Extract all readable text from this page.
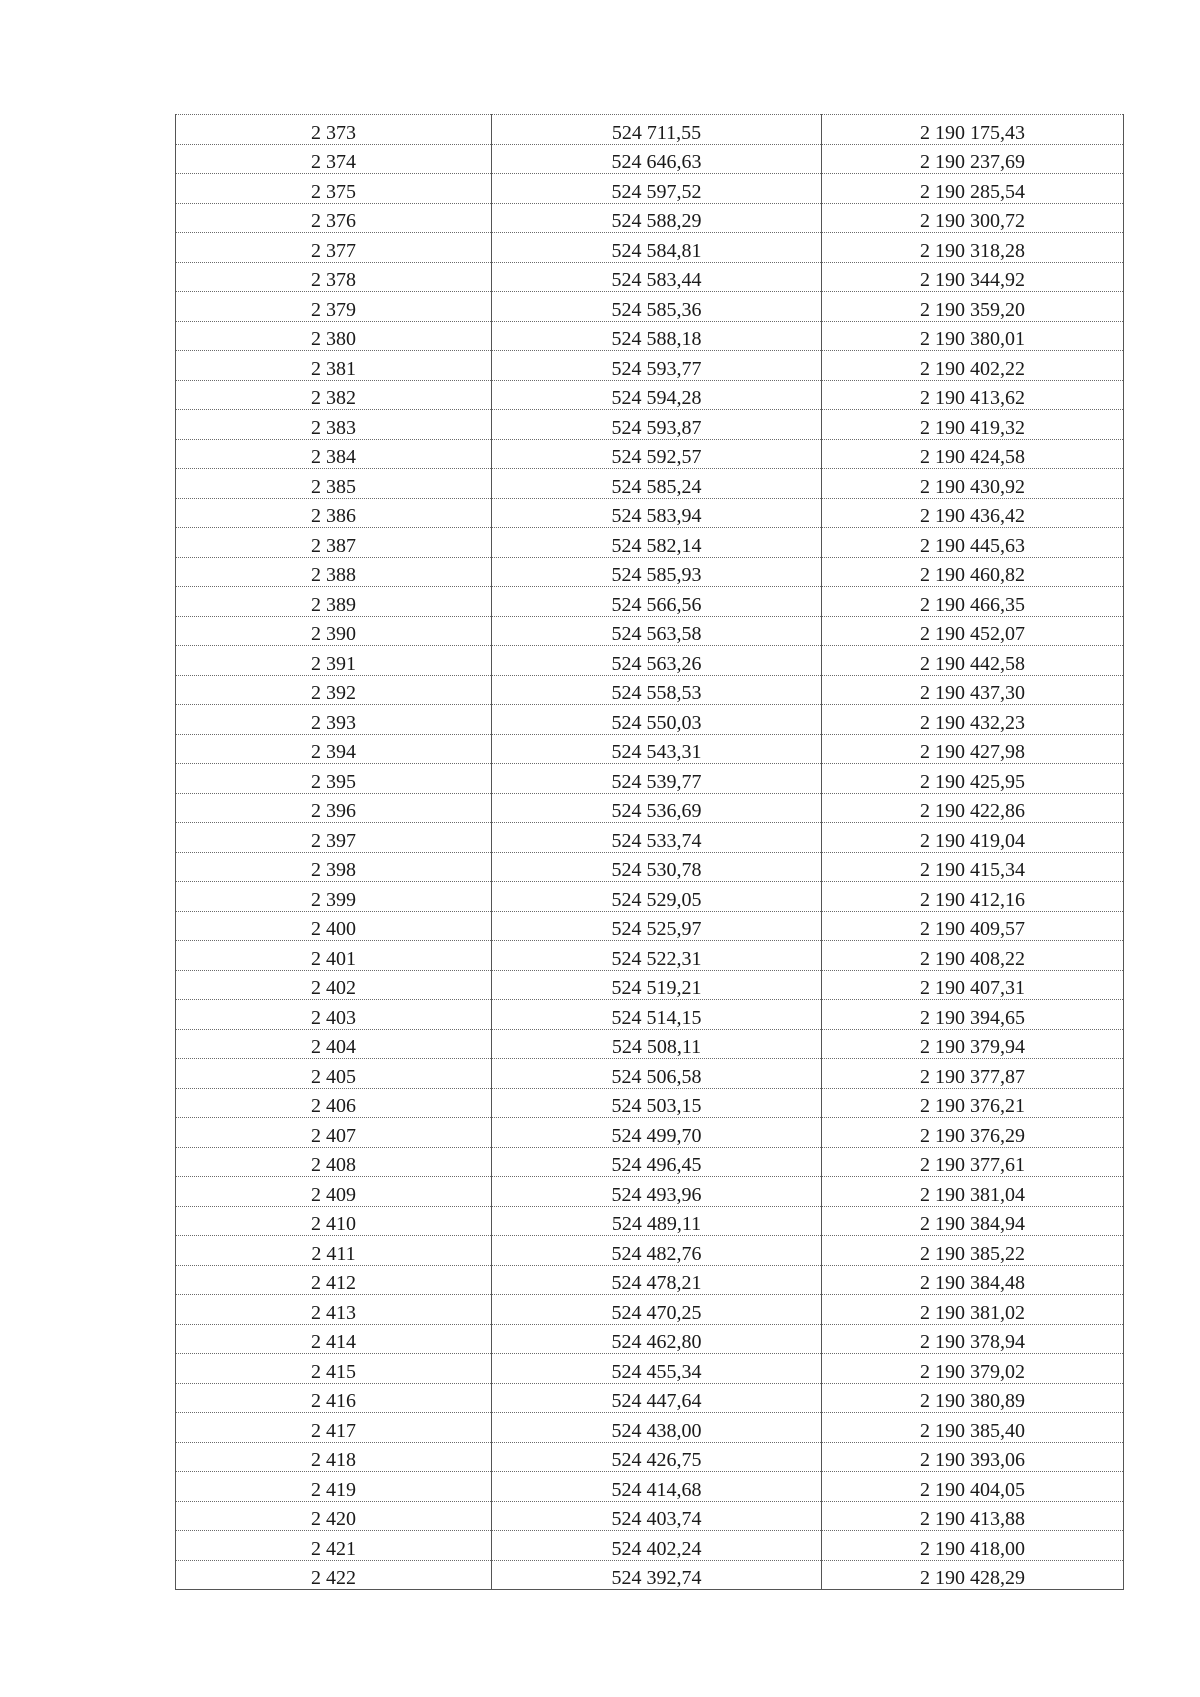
2 373	524 711,55	2 190 175,43
2 374	524 646,63	2 190 237,69
2 375	524 597,52	2 190 285,54
2 376	524 588,29	2 190 300,72
2 377	524 584,81	2 190 318,28
2 378	524 583,44	2 190 344,92
2 379	524 585,36	2 190 359,20
2 380	524 588,18	2 190 380,01
2 381	524 593,77	2 190 402,22
2 382	524 594,28	2 190 413,62
2 383	524 593,87	2 190 419,32
2 384	524 592,57	2 190 424,58
2 385	524 585,24	2 190 430,92
2 386	524 583,94	2 190 436,42
2 387	524 582,14	2 190 445,63
2 388	524 585,93	2 190 460,82
2 389	524 566,56	2 190 466,35
2 390	524 563,58	2 190 452,07
2 391	524 563,26	2 190 442,58
2 392	524 558,53	2 190 437,30
2 393	524 550,03	2 190 432,23
2 394	524 543,31	2 190 427,98
2 395	524 539,77	2 190 425,95
2 396	524 536,69	2 190 422,86
2 397	524 533,74	2 190 419,04
2 398	524 530,78	2 190 415,34
2 399	524 529,05	2 190 412,16
2 400	524 525,97	2 190 409,57
2 401	524 522,31	2 190 408,22
2 402	524 519,21	2 190 407,31
2 403	524 514,15	2 190 394,65
2 404	524 508,11	2 190 379,94
2 405	524 506,58	2 190 377,87
2 406	524 503,15	2 190 376,21
2 407	524 499,70	2 190 376,29
2 408	524 496,45	2 190 377,61
2 409	524 493,96	2 190 381,04
2 410	524 489,11	2 190 384,94
2 411	524 482,76	2 190 385,22
2 412	524 478,21	2 190 384,48
2 413	524 470,25	2 190 381,02
2 414	524 462,80	2 190 378,94
2 415	524 455,34	2 190 379,02
2 416	524 447,64	2 190 380,89
2 417	524 438,00	2 190 385,40
2 418	524 426,75	2 190 393,06
2 419	524 414,68	2 190 404,05
2 420	524 403,74	2 190 413,88
2 421	524 402,24	2 190 418,00
2 422	524 392,74	2 190 428,29
